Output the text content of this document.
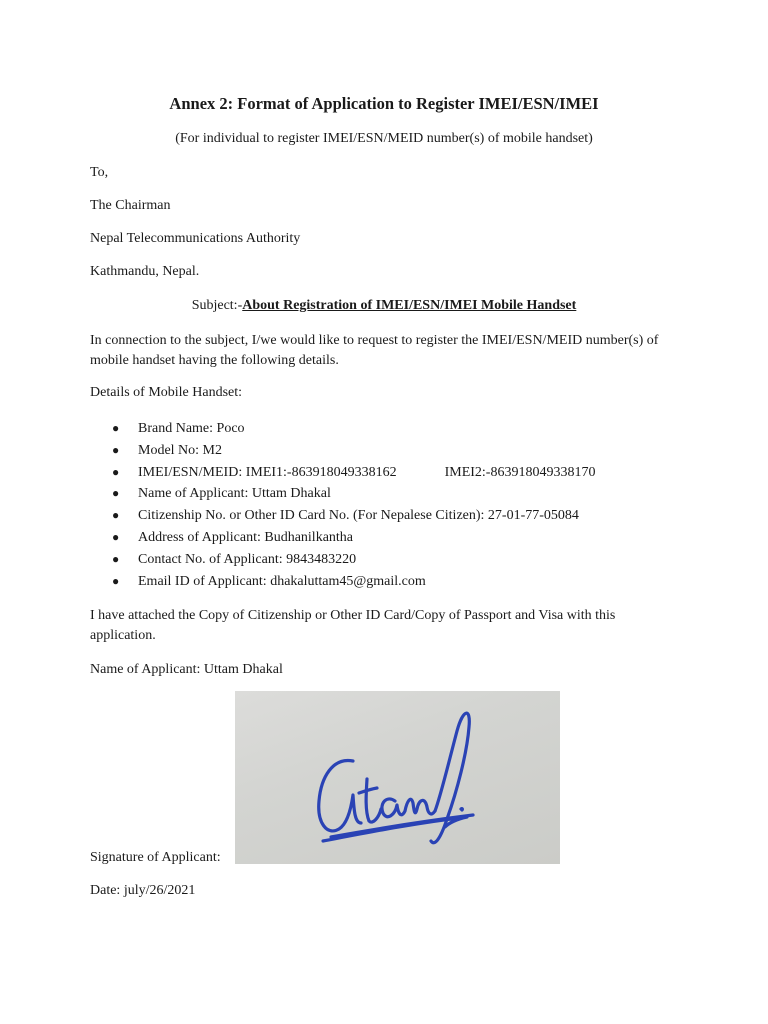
Annex 2: Format of Application to Register IMEI/ESN/IMEI
(For individual to register IMEI/ESN/MEID number(s) of mobile handset)
To,
The Chairman
Nepal Telecommunications Authority
Kathmandu, Nepal.
Subject:-About Registration of IMEI/ESN/IMEI Mobile Handset
In connection to the subject, I/we would like to request to register the IMEI/ESN/MEID number(s) of mobile handset having the following details.
Details of Mobile Handset:
● Brand Name: Poco
● Model No: M2
● IMEI/ESN/MEID: IMEI1:-863918049338162	IMEI2:-863918049338170
● Name of Applicant: Uttam Dhakal
● Citizenship No. or Other ID Card No. (For Nepalese Citizen): 27-01-77-05084
● Address of Applicant: Budhanilkantha
● Contact No. of Applicant: 9843483220
● Email ID of Applicant: dhakaluttam45@gmail.com
I have attached the Copy of Citizenship or Other ID Card/Copy of Passport and Visa with this application.
Name of Applicant: Uttam Dhakal
Signature of Applicant:
Date: july/26/2021
